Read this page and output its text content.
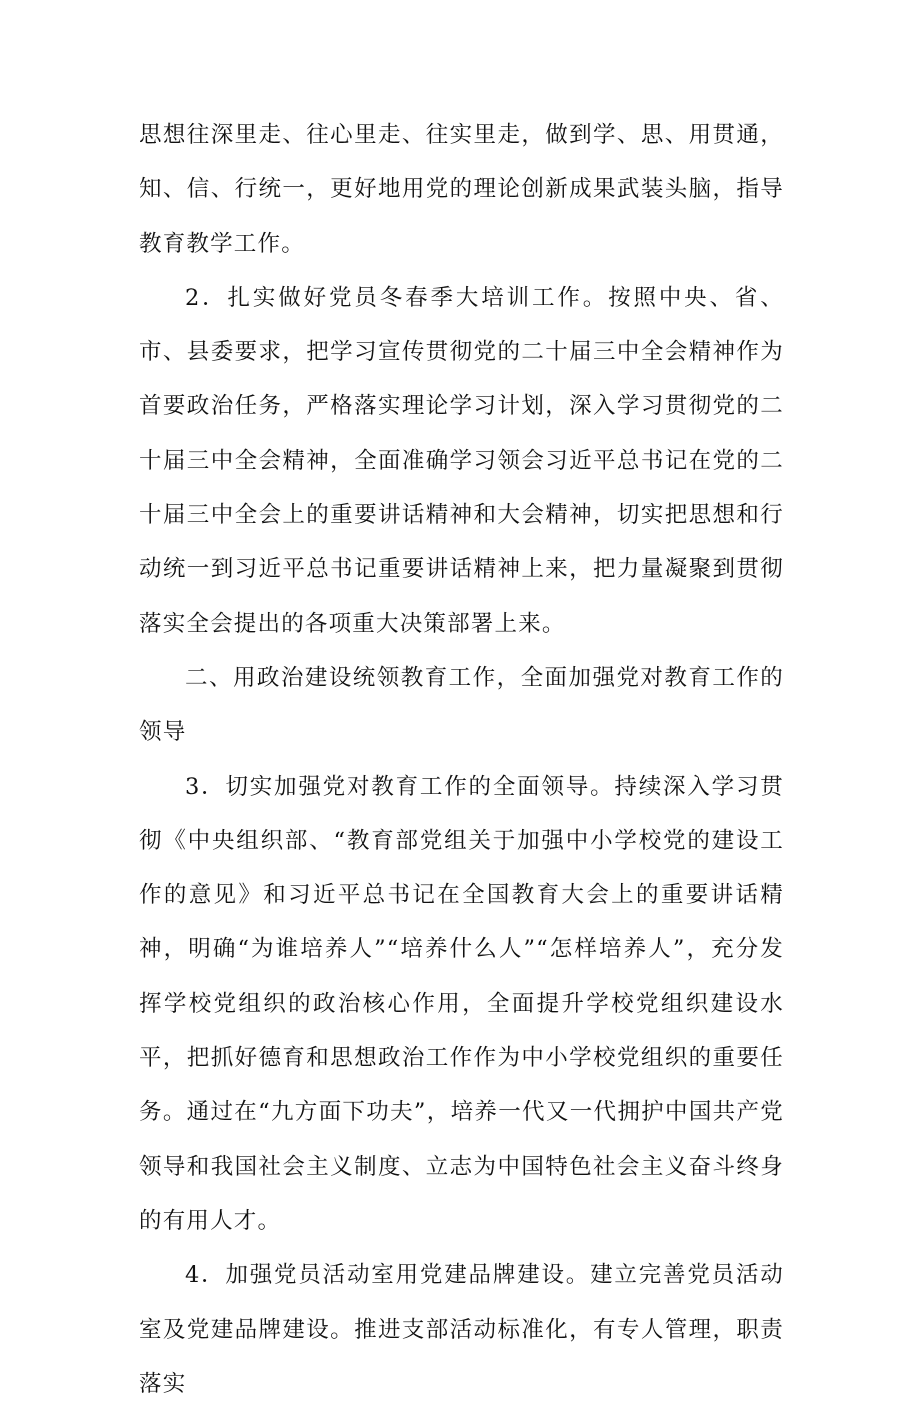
思想往深里走、往心里走、往实里走，做到学、思、用贯通，知、信、行统一，更好地用党的理论创新成果武装头脑，指导教育教学工作。

2．扎实做好党员冬春季大培训工作。按照中央、省、市、县委要求，把学习宣传贯彻党的二十届三中全会精神作为首要政治任务，严格落实理论学习计划，深入学习贯彻党的二十届三中全会精神，全面准确学习领会习近平总书记在党的二十届三中全会上的重要讲话精神和大会精神，切实把思想和行动统一到习近平总书记重要讲话精神上来，把力量凝聚到贯彻落实全会提出的各项重大决策部署上来。

二、用政治建设统领教育工作，全面加强党对教育工作的领导

3．切实加强党对教育工作的全面领导。持续深入学习贯彻《中央组织部、“教育部党组关于加强中小学校党的建设工作的意见》和习近平总书记在全国教育大会上的重要讲话精神，明确“为谁培养人”“培养什么人”“怎样培养人”，充分发挥学校党组织的政治核心作用，全面提升学校党组织建设水平，把抓好德育和思想政治工作作为中小学校党组织的重要任务。通过在“九方面下功夫”，培养一代又一代拥护中国共产党领导和我国社会主义制度、立志为中国特色社会主义奋斗终身的有用人才。

4．加强党员活动室用党建品牌建设。建立完善党员活动室及党建品牌建设。推进支部活动标准化，有专人管理，职责落实
